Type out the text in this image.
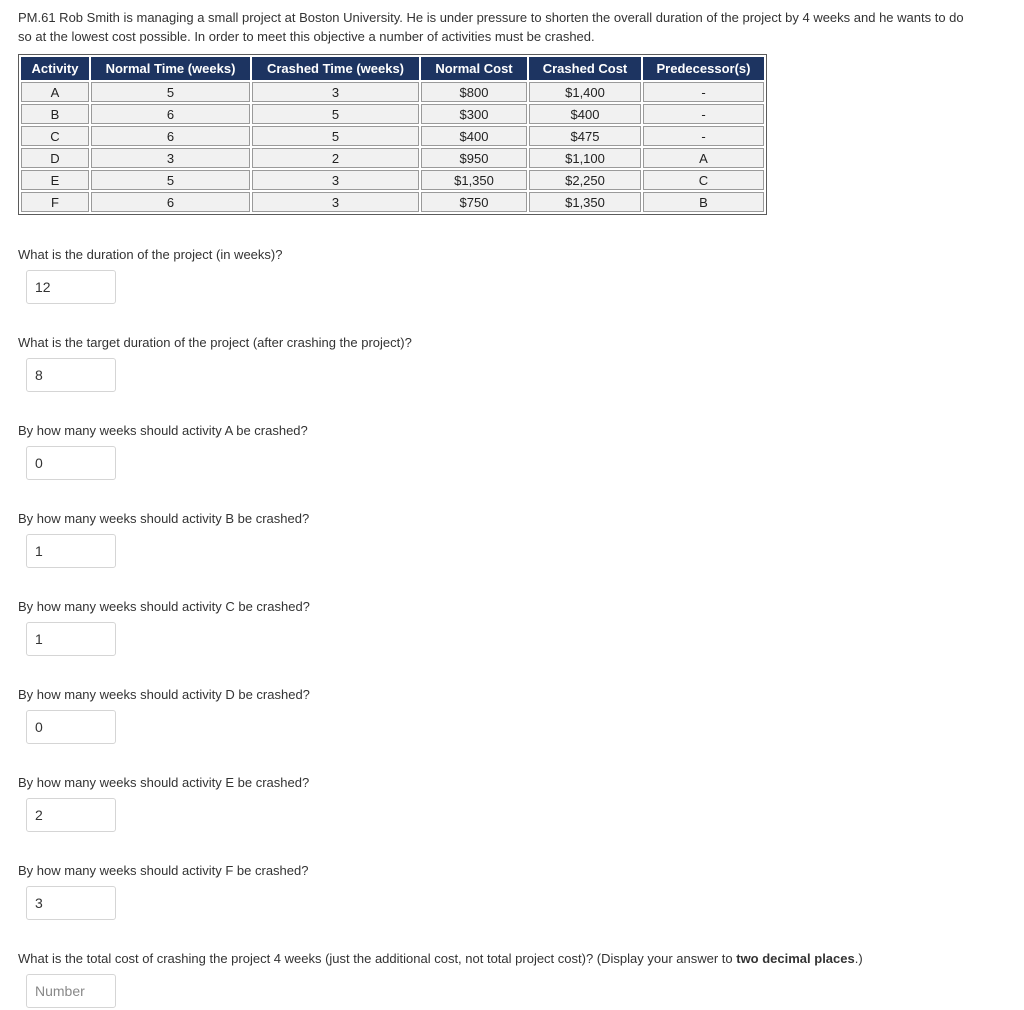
PM.61 Rob Smith is managing a small project at Boston University. He is under pressure to shorten the overall duration of the project by 4 weeks and he wants to do so at the lowest cost possible. In order to meet this objective a number of activities must be crashed.

Activity	Normal Time (weeks)	Crashed Time (weeks)	Normal Cost	Crashed Cost	Predecessor(s)
A	5	3	$800	$1,400	-
B	6	5	$300	$400	-
C	6	5	$400	$475	-
D	3	2	$950	$1,100	A
E	5	3	$1,350	$2,250	C
F	6	3	$750	$1,350	B
What is the duration of the project (in weeks)?
12
What is the target duration of the project (after crashing the project)?
8
By how many weeks should activity A be crashed?
0
By how many weeks should activity B be crashed?
1
By how many weeks should activity C be crashed?
1
By how many weeks should activity D be crashed?
0
By how many weeks should activity E be crashed?
2
By how many weeks should activity F be crashed?
3
What is the total cost of crashing the project 4 weeks (just the additional cost, not total project cost)? (Display your answer to two decimal places.)
Number
